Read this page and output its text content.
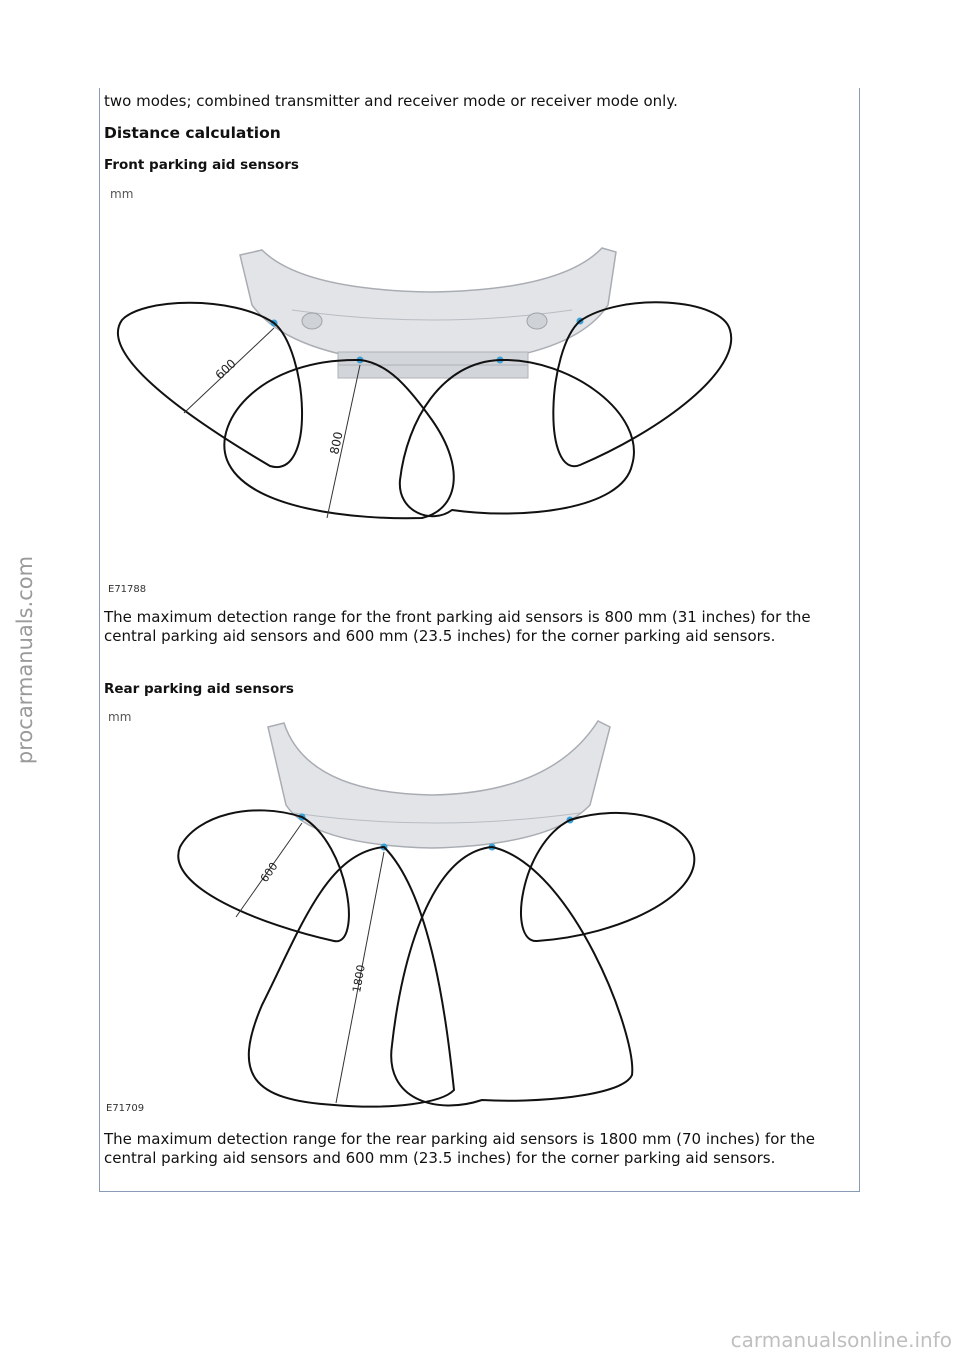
procarmanuals.com

two modes; combined transmitter and receiver mode or receiver mode only.

Distance calculation

Front parking aid sensors

mm
600
800
E71788

The maximum detection range for the front parking aid sensors is 800 mm (31 inches) for the central parking aid sensors and 600 mm (23.5 inches) for the corner parking aid sensors.

Rear parking aid sensors

mm
600
1800
E71709

The maximum detection range for the rear parking aid sensors is 1800 mm (70 inches) for the central parking aid sensors and 600 mm (23.5 inches) for the corner parking aid sensors.

carmanualsonline.info
